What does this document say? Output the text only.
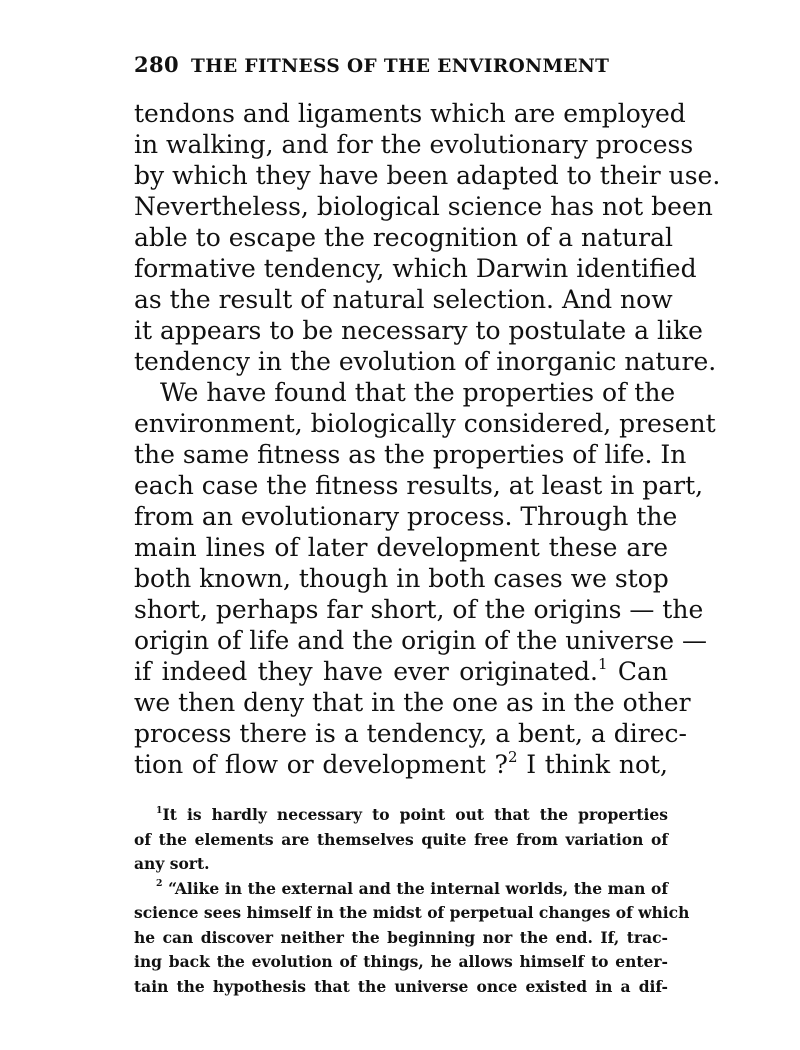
280 THE FITNESS OF THE ENVIRONMENT
tendons and ligaments which are employed
in walking, and for the evolutionary process
by which they have been adapted to their use.
Nevertheless, biological science has not been
able to escape the recognition of a natural
formative tendency, which Darwin identified
as the result of natural selection. And now
it appears to be necessary to postulate a like
tendency in the evolution of inorganic nature.
We have found that the properties of the
environment, biologically considered, present
the same fitness as the properties of life. In
each case the fitness results, at least in part,
from an evolutionary process. Through the
main lines of later development these are
both known, though in both cases we stop
short, perhaps far short, of the origins — the
origin of life and the origin of the universe —
if indeed they have ever originated.$^1$ Can
we then deny that in the one as in the other
process there is a tendency, a bent, a direc-
tion of flow or development ?$^2$ I think not,
$^1$It is hardly necessary to point out that the properties
of the elements are themselves quite free from variation of
any sort.
$^2$ “Alike in the external and the internal worlds, the man of
science sees himself in the midst of perpetual changes of which
he can discover neither the beginning nor the end. If, trac-
ing back the evolution of things, he allows himself to enter-
tain the hypothesis that the universe once existed in a dif-
